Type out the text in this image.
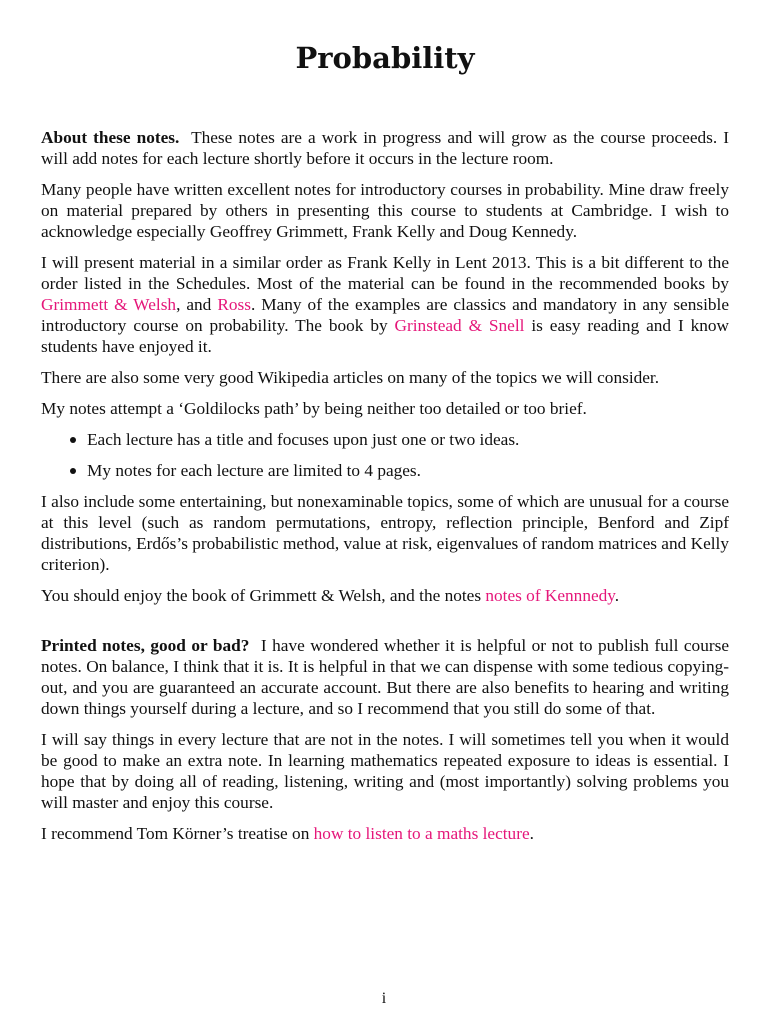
Probability

About these notes. These notes are a work in progress and will grow as the course proceeds. I will add notes for each lecture shortly before it occurs in the lecture room.

Many people have written excellent notes for introductory courses in probability. Mine draw freely on material prepared by others in presenting this course to students at Cambridge. I wish to acknowledge especially Geoffrey Grimmett, Frank Kelly and Doug Kennedy.

I will present material in a similar order as Frank Kelly in Lent 2013. This is a bit different to the order listed in the Schedules. Most of the material can be found in the recommended books by Grimmett & Welsh, and Ross. Many of the examples are classics and mandatory in any sensible introductory course on probability. The book by Grinstead & Snell is easy reading and I know students have enjoyed it.

There are also some very good Wikipedia articles on many of the topics we will consider.

My notes attempt a ‘Goldilocks path’ by being neither too detailed or too brief.

Each lecture has a title and focuses upon just one or two ideas.
My notes for each lecture are limited to 4 pages.

I also include some entertaining, but nonexaminable topics, some of which are unusual for a course at this level (such as random permutations, entropy, reflection principle, Benford and Zipf distributions, Erdős’s probabilistic method, value at risk, eigenvalues of random matrices and Kelly criterion).

You should enjoy the book of Grimmett & Welsh, and the notes notes of Kennnedy.

Printed notes, good or bad? I have wondered whether it is helpful or not to publish full course notes. On balance, I think that it is. It is helpful in that we can dispense with some tedious copying-out, and you are guaranteed an accurate account. But there are also benefits to hearing and writing down things yourself during a lecture, and so I recommend that you still do some of that.

I will say things in every lecture that are not in the notes. I will sometimes tell you when it would be good to make an extra note. In learning mathematics repeated exposure to ideas is essential. I hope that by doing all of reading, listening, writing and (most importantly) solving problems you will master and enjoy this course.

I recommend Tom Körner’s treatise on how to listen to a maths lecture.

i
